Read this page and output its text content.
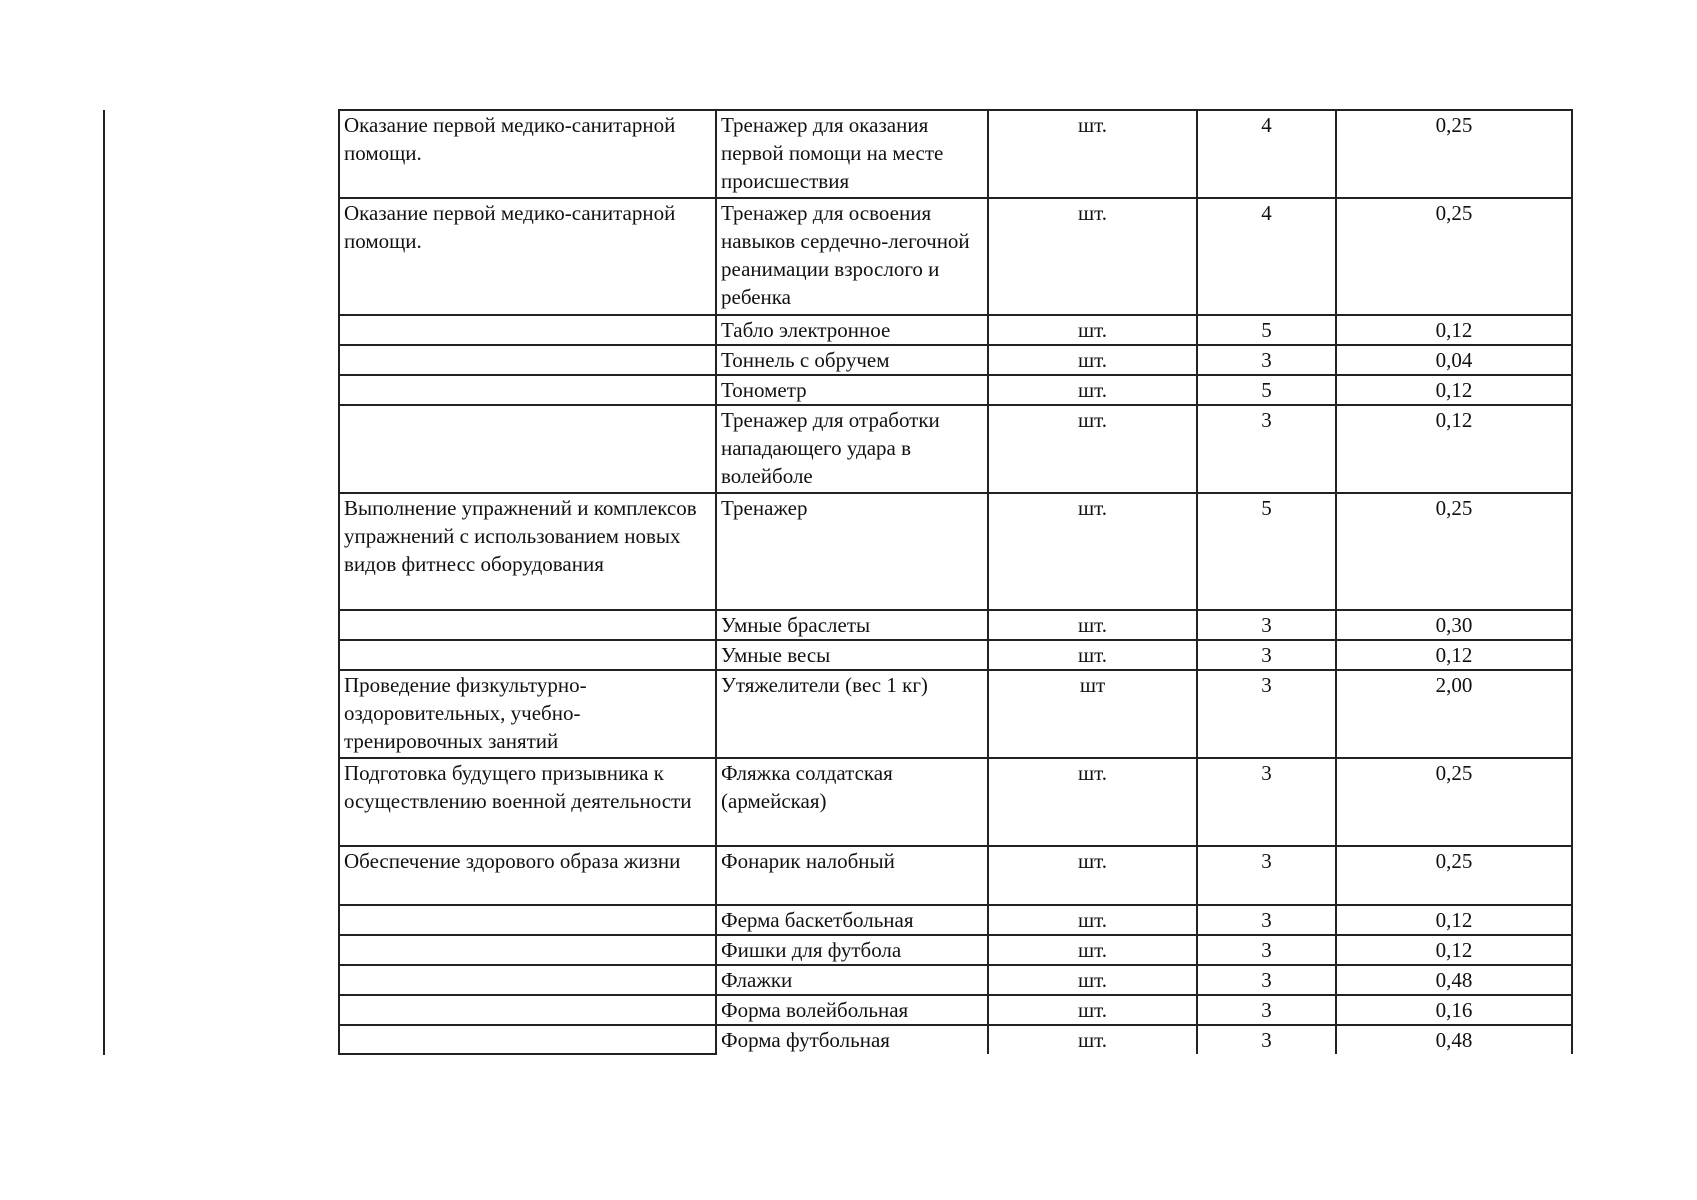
Оказание первой медико-санитарной помощи.	Тренажер для оказания первой помощи на месте происшествия	шт.	4	0,25
Оказание первой медико-санитарной помощи.	Тренажер для освоения навыков сердечно-легочной реанимации взрослого и ребенка	шт.	4	0,25
	Табло электронное	шт.	5	0,12
	Тоннель с обручем	шт.	3	0,04
	Тонометр	шт.	5	0,12
	Тренажер для отработки нападающего удара в волейболе	шт.	3	0,12
Выполнение упражнений и комплексов упражнений с использованием новых видов фитнесс оборудования	Тренажер	шт.	5	0,25
	Умные браслеты	шт.	3	0,30
	Умные весы	шт.	3	0,12
Проведение физкультурно-оздоровительных, учебно-тренировочных занятий	Утяжелители (вес 1 кг)	шт	3	2,00
Подготовка будущего призывника к осуществлению военной деятельности	Фляжка солдатская (армейская)	шт.	3	0,25
Обеспечение здорового образа жизни	Фонарик налобный	шт.	3	0,25
	Ферма баскетбольная	шт.	3	0,12
	Фишки для футбола	шт.	3	0,12
	Флажки	шт.	3	0,48
	Форма волейбольная	шт.	3	0,16
	Форма футбольная	шт.	3	0,48
